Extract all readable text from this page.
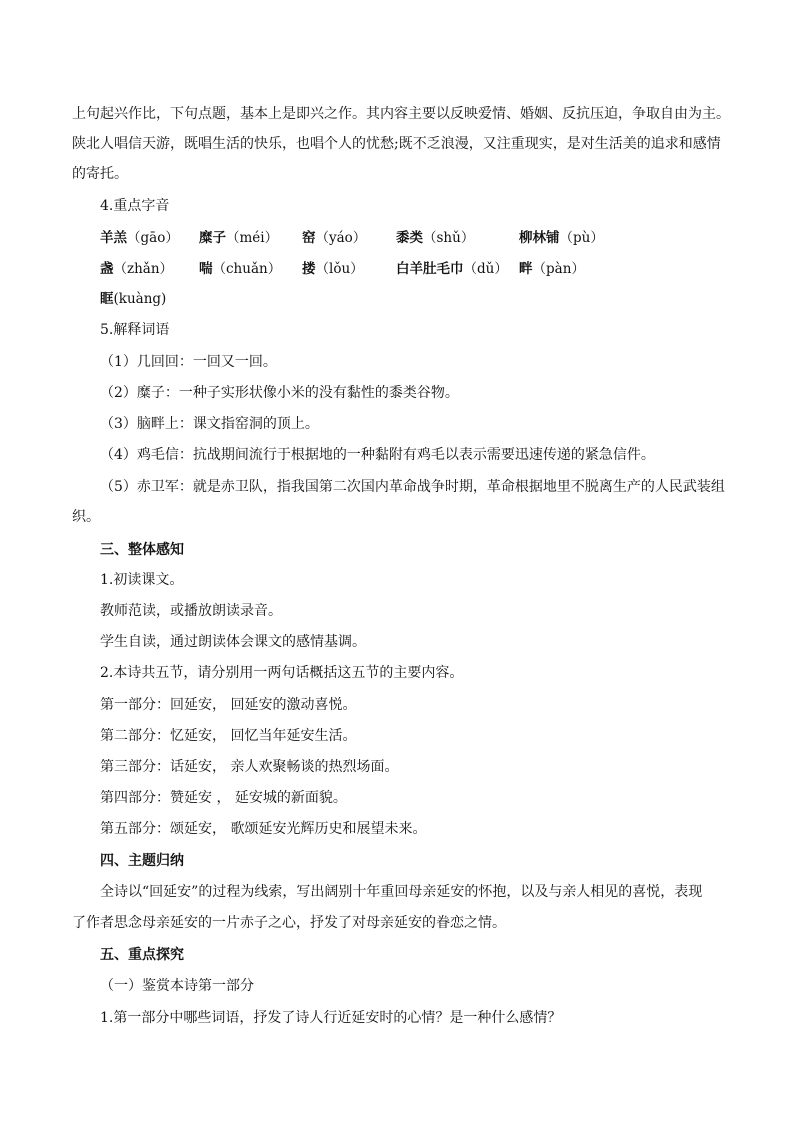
上句起兴作比，下句点题，基本上是即兴之作。其内容主要以反映爱情、婚姻、反抗压迫，争取自由为主。
陕北人唱信天游，既唱生活的快乐，也唱个人的忧愁;既不乏浪漫，又注重现实，是对生活美的追求和感情
的寄托。
4.重点字音
羊羔（gāo） 糜子（méi） 窑（yáo） 黍类（shǔ）	柳林铺（pù）
盏（zhǎn） 喘（chuǎn） 搂（lǒu） 白羊肚毛巾（dǔ） 畔（pàn）
眶(kuàng)
5.解释词语
（1）几回回：一回又一回。
（2）糜子：一种子实形状像小米的没有黏性的黍类谷物。
（3）脑畔上：课文指窑洞的顶上。
（4）鸡毛信：抗战期间流行于根据地的一种黏附有鸡毛以表示需要迅速传递的紧急信件。
（5）赤卫军：就是赤卫队，指我国第二次国内革命战争时期，革命根据地里不脱离生产的人民武装组
织。
三、整体感知
1.初读课文。
教师范读，或播放朗读录音。
学生自读，通过朗读体会课文的感情基调。
2.本诗共五节，请分别用一两句话概括这五节的主要内容。
第一部分：回延安， 回延安的激动喜悦。
第二部分：忆延安， 回忆当年延安生活。
第三部分：话延安， 亲人欢聚畅谈的热烈场面。
第四部分：赞延安 ， 延安城的新面貌。
第五部分：颂延安， 歌颂延安光辉历史和展望未来。
四、主题归纳
全诗以“回延安”的过程为线索，写出阔别十年重回母亲延安的怀抱，以及与亲人相见的喜悦，表现
了作者思念母亲延安的一片赤子之心，抒发了对母亲延安的眷恋之情。
五、重点探究
（一）鉴赏本诗第一部分
1.第一部分中哪些词语，抒发了诗人行近延安时的心情？是一种什么感情？
